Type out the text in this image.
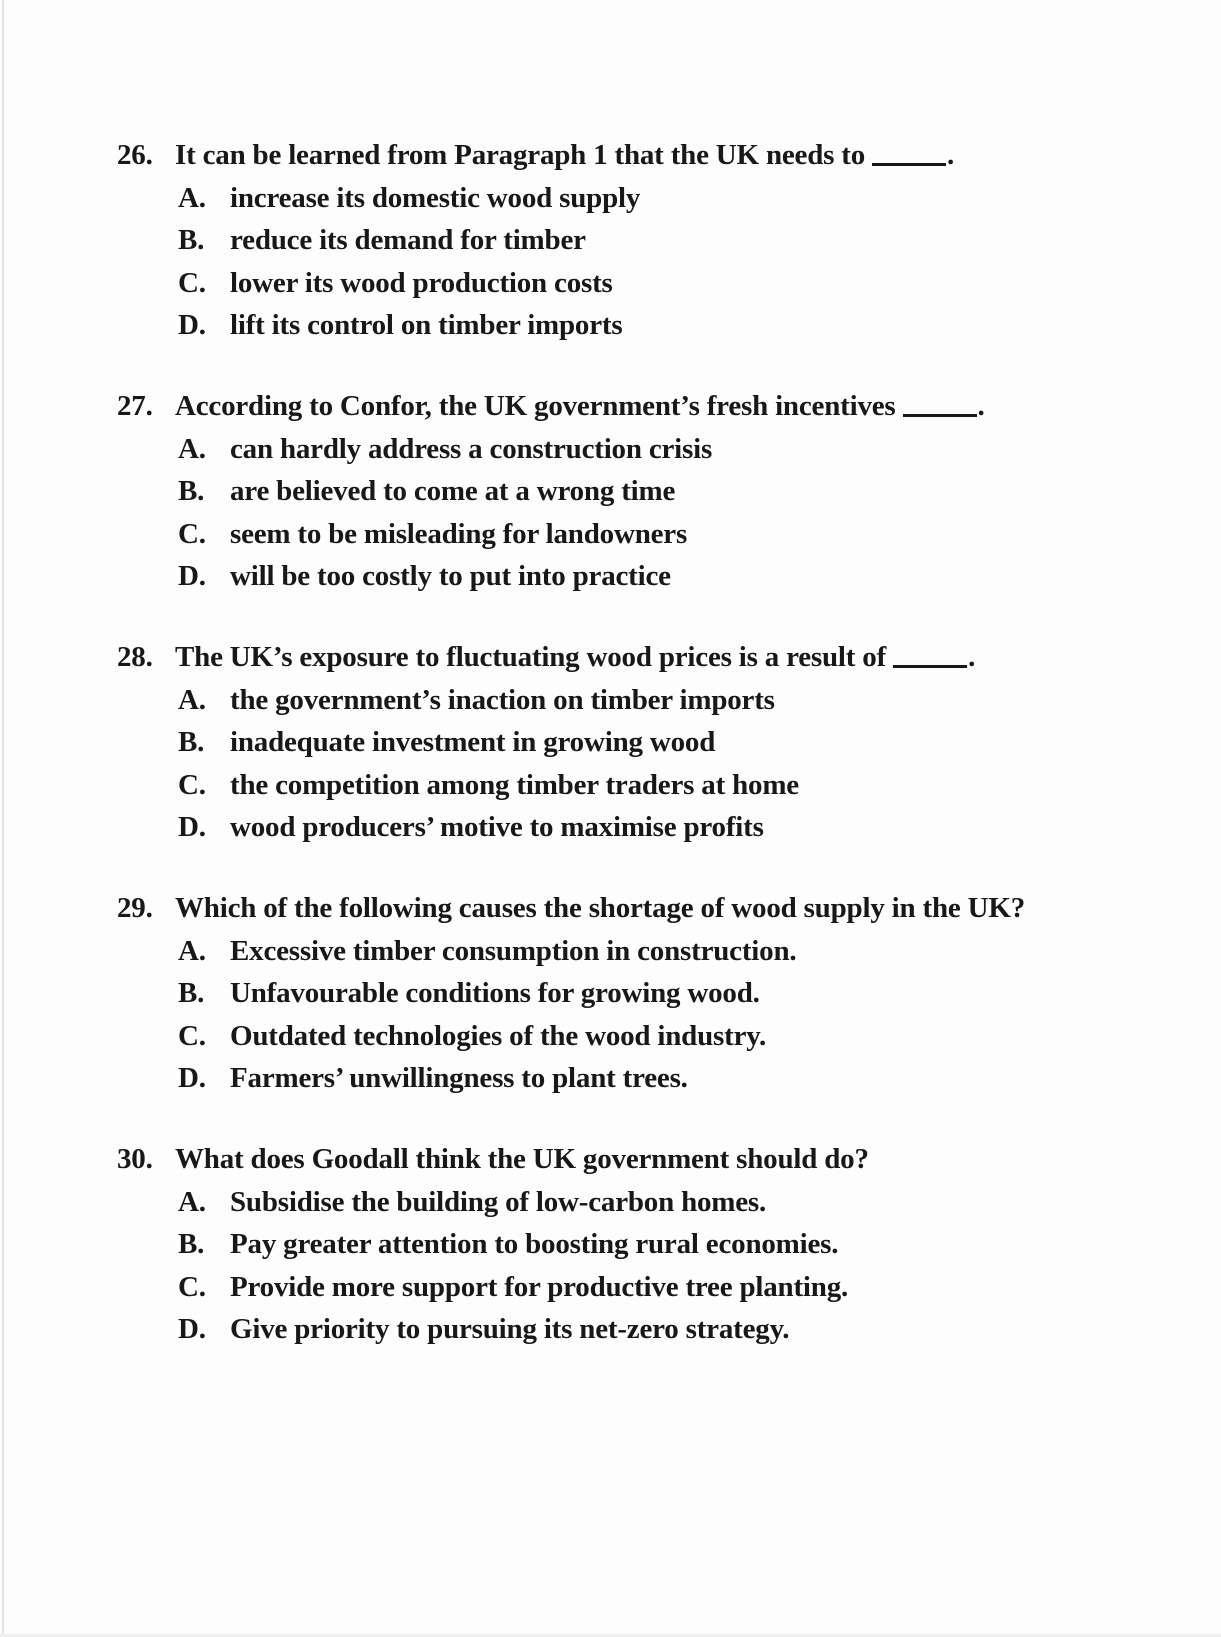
26. It can be learned from Paragraph 1 that the UK needs to	.
A. increase its domestic wood supply
B. reduce its demand for timber
C. lower its wood production costs
D. lift its control on timber imports
27. According to Confor, the UK government’s fresh incentives	.
A. can hardly address a construction crisis
B. are believed to come at a wrong time
C. seem to be misleading for landowners
D. will be too costly to put into practice
28. The UK’s exposure to fluctuating wood prices is a result of	.
A. the government’s inaction on timber imports
B. inadequate investment in growing wood
C. the competition among timber traders at home
D. wood producers’ motive to maximise profits
29. Which of the following causes the shortage of wood supply in the UK?
A. Excessive timber consumption in construction.
B. Unfavourable conditions for growing wood.
C. Outdated technologies of the wood industry.
D. Farmers’ unwillingness to plant trees.
30. What does Goodall think the UK government should do?
A. Subsidise the building of low-carbon homes.
B. Pay greater attention to boosting rural economies.
C. Provide more support for productive tree planting.
D. Give priority to pursuing its net-zero strategy.
